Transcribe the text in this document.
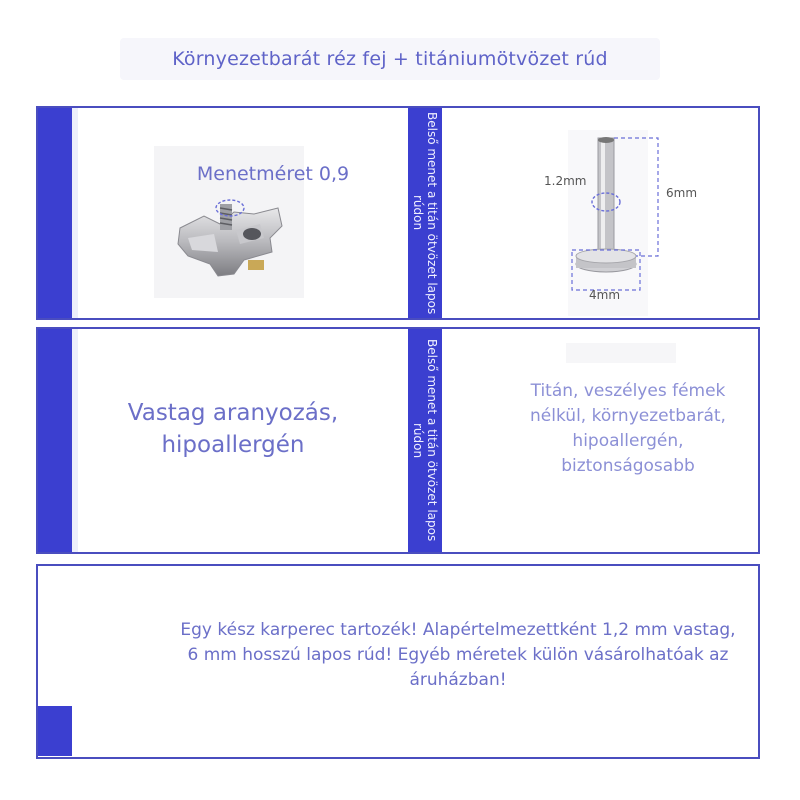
Környezetbarát réz fej + titániumötvözet rúd
Menetméret 0,9	Belső menet a titán ötvözet lapos rúdon
1.2mm
6mm
4mm
Vastag aranyozás, hipoallergén	Belső menet a titán ötvözet lapos rúdon
Titán, veszélyes fémek nélkül, környezetbarát, hipoallergén, biztonságosabb
Egy kész karperec tartozék! Alapértelmezettként 1,2 mm vastag, 6 mm hosszú lapos rúd! Egyéb méretek külön vásárolhatóak az áruházban!
